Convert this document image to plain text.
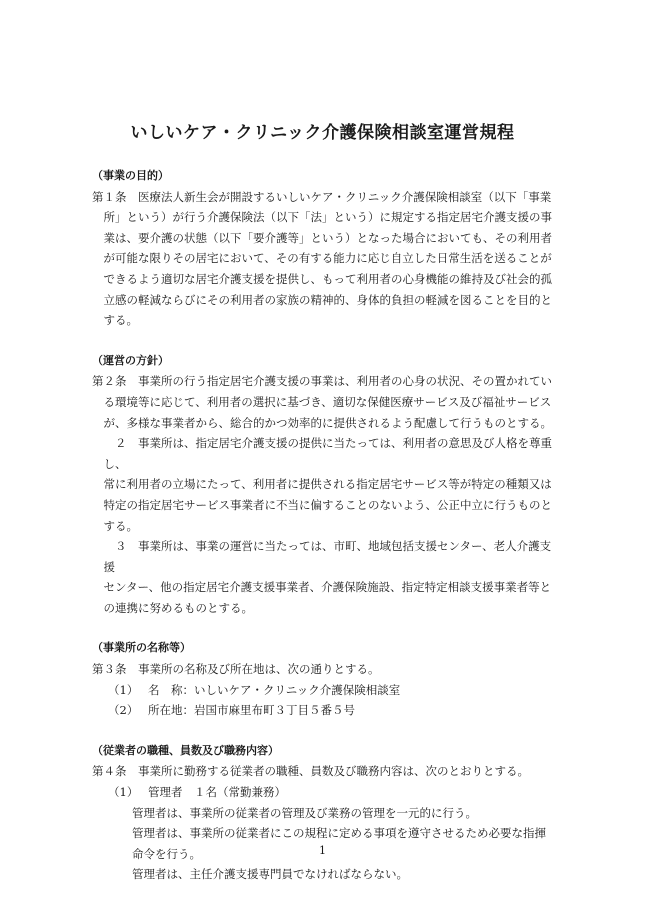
いしいケア・クリニック介護保険相談室運営規程
（事業の目的）
第１条　医療法人新生会が開設するいしいケア・クリニック介護保険相談室（以下「事業
所」という）が行う介護保険法（以下「法」という）に規定する指定居宅介護支援の事
業は、要介護の状態（以下「要介護等」という）となった場合においても、その利用者
が可能な限りその居宅において、その有する能力に応じ自立した日常生活を送ることが
できるよう適切な居宅介護支援を提供し、もって利用者の心身機能の維持及び社会的孤
立感の軽減ならびにその利用者の家族の精神的、身体的負担の軽減を図ることを目的と
する。
（運営の方針）
第２条　事業所の行う指定居宅介護支援の事業は、利用者の心身の状況、その置かれてい
る環境等に応じて、利用者の選択に基づき、適切な保健医療サービス及び福祉サービス
が、多様な事業者から、総合的かつ効率的に提供されるよう配慮して行うものとする。
　２　事業所は、指定居宅介護支援の提供に当たっては、利用者の意思及び人格を尊重し、
常に利用者の立場にたって、利用者に提供される指定居宅サービス等が特定の種類又は
特定の指定居宅サービス事業者に不当に偏することのないよう、公正中立に行うものと
する。
　３　事業所は、事業の運営に当たっては、市町、地域包括支援センター、老人介護支援
センター、他の指定居宅介護支援事業者、介護保険施設、指定特定相談支援事業者等と
の連携に努めるものとする。
（事業所の名称等）
第３条　事業所の名称及び所在地は、次の通りとする。
（1） 名　称：いしいケア・クリニック介護保険相談室
（2） 所在地：岩国市麻里布町３丁目５番５号
（従業者の職種、員数及び職務内容）
第４条　事業所に勤務する従業者の職種、員数及び職務内容は、次のとおりとする。
（1） 管理者　１名（常勤兼務）
管理者は、事業所の従業者の管理及び業務の管理を一元的に行う。
管理者は、事業所の従業者にこの規程に定める事項を遵守させるため必要な指揮
命令を行う。
管理者は、主任介護支援専門員でなければならない。
1
